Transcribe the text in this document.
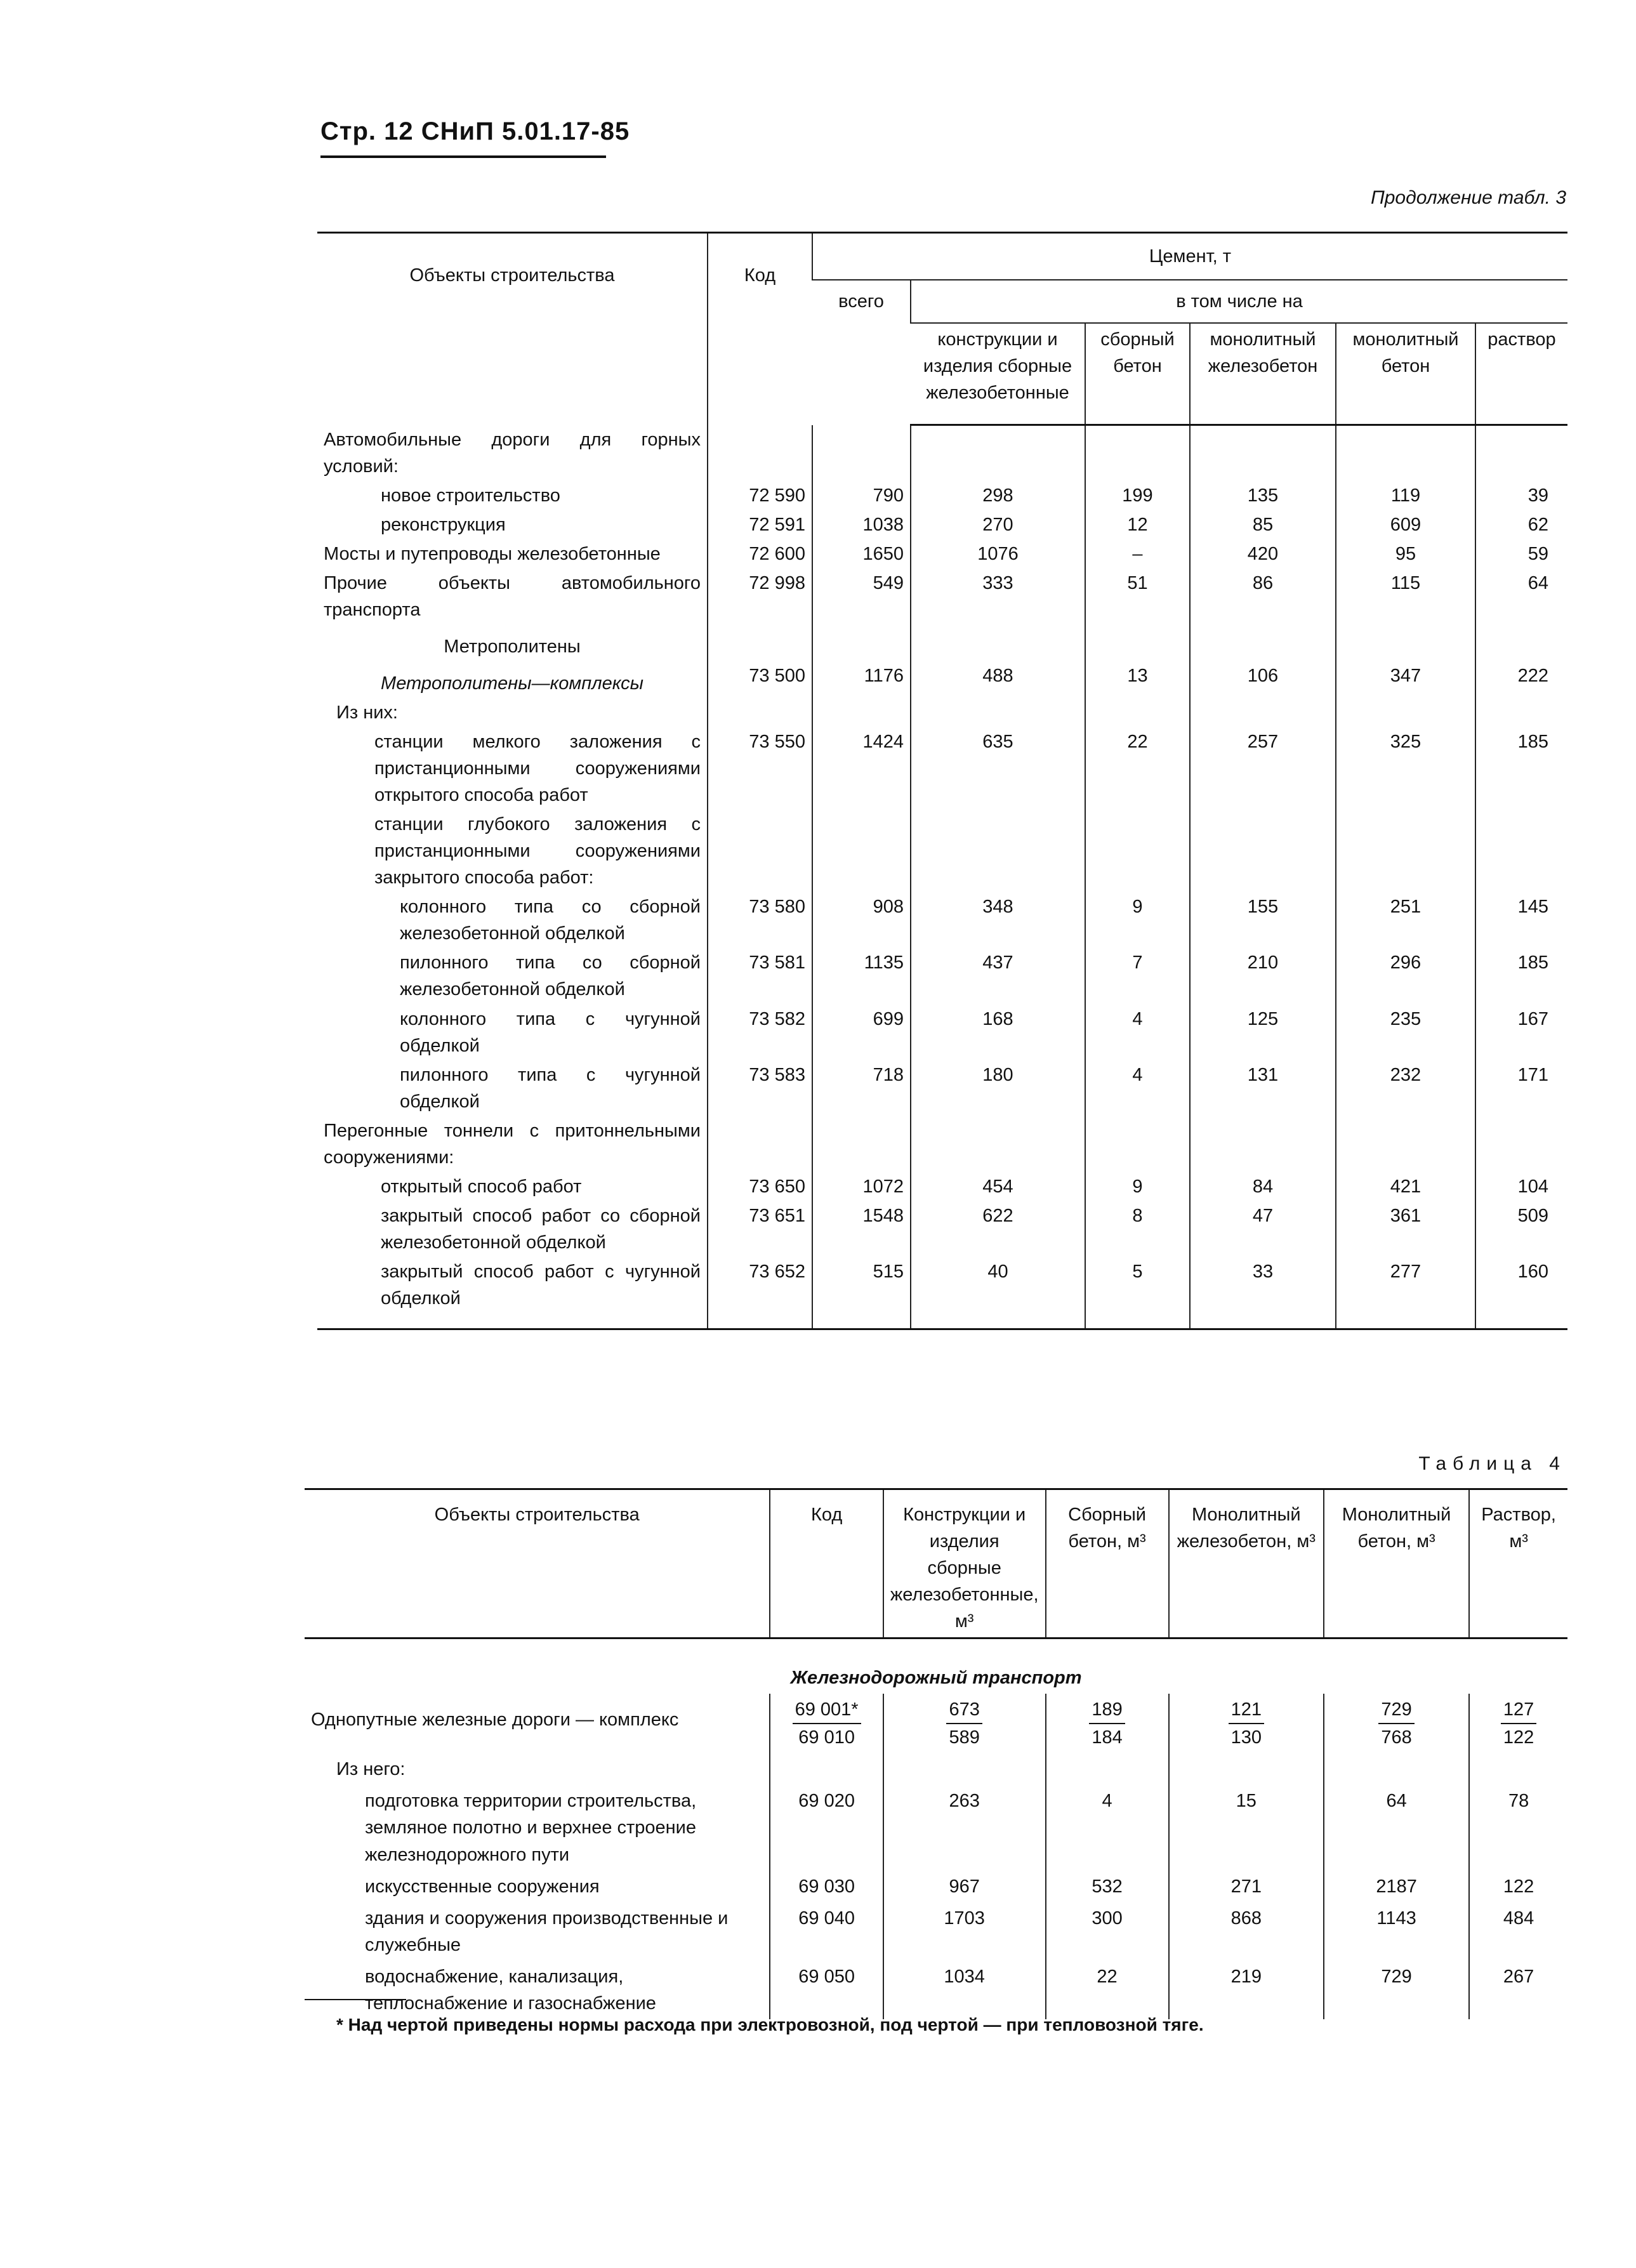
Стр. 12 СНиП 5.01.17-85
Продолжение табл. 3
Объекты строительства	Код	Цемент, т					
		всего	в том числе на				
			конструкции и изделия сборные железобетонные	сборный бетон	монолитный железобетон	монолитный бетон	раствор
Автомобильные дороги для горных условий:							
новое строительство	72 590	790	298	199	135	119	39
реконструкция	72 591	1038	270	12	85	609	62
Мосты и путепроводы железобетонные	72 600	1650	1076	–	420	95	59
Прочие объекты автомобильного транспорта	72 998	549	333	51	86	115	64
Метрополитены							
Метрополитены—комплексы	73 500	1176	488	13	106	347	222
Из них:							
станции мелкого заложения с пристанционными сооружениями открытого способа работ	73 550	1424	635	22	257	325	185
станции глубокого заложения с пристанционными сооружениями закрытого способа работ:							
колонного типа со сборной железобетонной обделкой	73 580	908	348	9	155	251	145
пилонного типа со сборной железобетонной обделкой	73 581	1135	437	7	210	296	185
колонного типа с чугунной обделкой	73 582	699	168	4	125	235	167
пилонного типа с чугунной обделкой	73 583	718	180	4	131	232	171
Перегонные тоннели с притоннельными сооружениями:							
открытый способ работ	73 650	1072	454	9	84	421	104
закрытый способ работ со сборной железобетонной обделкой	73 651	1548	622	8	47	361	509
закрытый способ работ с чугунной обделкой	73 652	515	40	5	33	277	160

Таблица 4
Объекты строительства	Код	Конструкции и изделия сборные железобетонные, м³	Сборный бетон, м³	Монолитный железобетон, м³	Монолитный бетон, м³	Раствор, м³
Железнодорожный транспорт						
Однопутные железные дороги — комплекс	$\frac{69 001*}{69 010}$	$\frac{673}{589}$	$\frac{189}{184}$	$\frac{121}{130}$	$\frac{729}{768}$	$\frac{127}{122}$

Из него:						
подготовка территории строительства, земляное полотно и верхнее строение железнодорожного пути	69 020	263	4	15	64	78
искусственные сооружения	69 030	967	532	271	2187	122
здания и сооружения производственные и служебные	69 040	1703	300	868	1143	484
водоснабжение, канализация, теплоснабжение и газоснабжение	69 050	1034	22	219	729	267
* Над чертой приведены нормы расхода при электровозной, под чертой — при тепловозной тяге.
